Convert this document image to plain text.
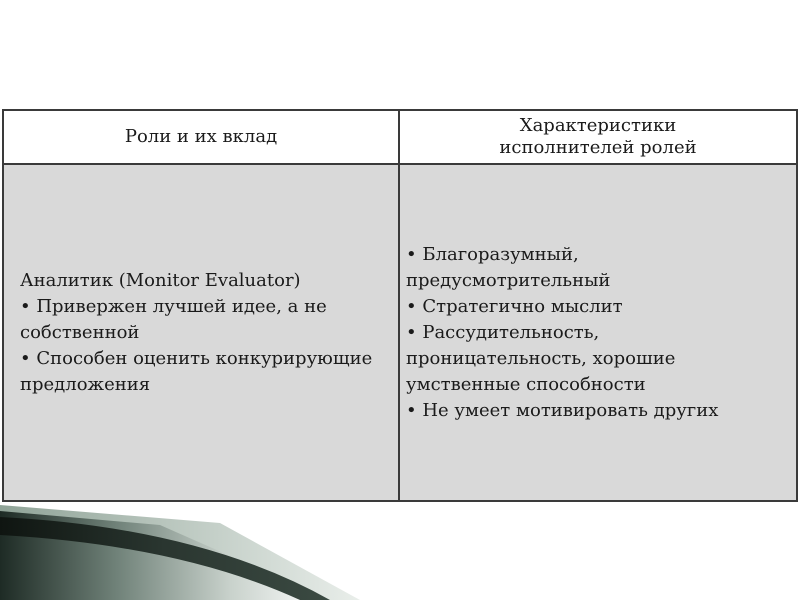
Роли и их вклад
Характеристики
исполнителей ролей
Аналитик (Monitor Evaluator)
• Привержен лучшей идее, а не собственной
• Способен оценить конкурирующие предложения
• Благоразумный, предусмотрительный
• Стратегично мыслит
• Рассудительность, проницательность, хорошие умственные способности
• Не умеет мотивировать других
